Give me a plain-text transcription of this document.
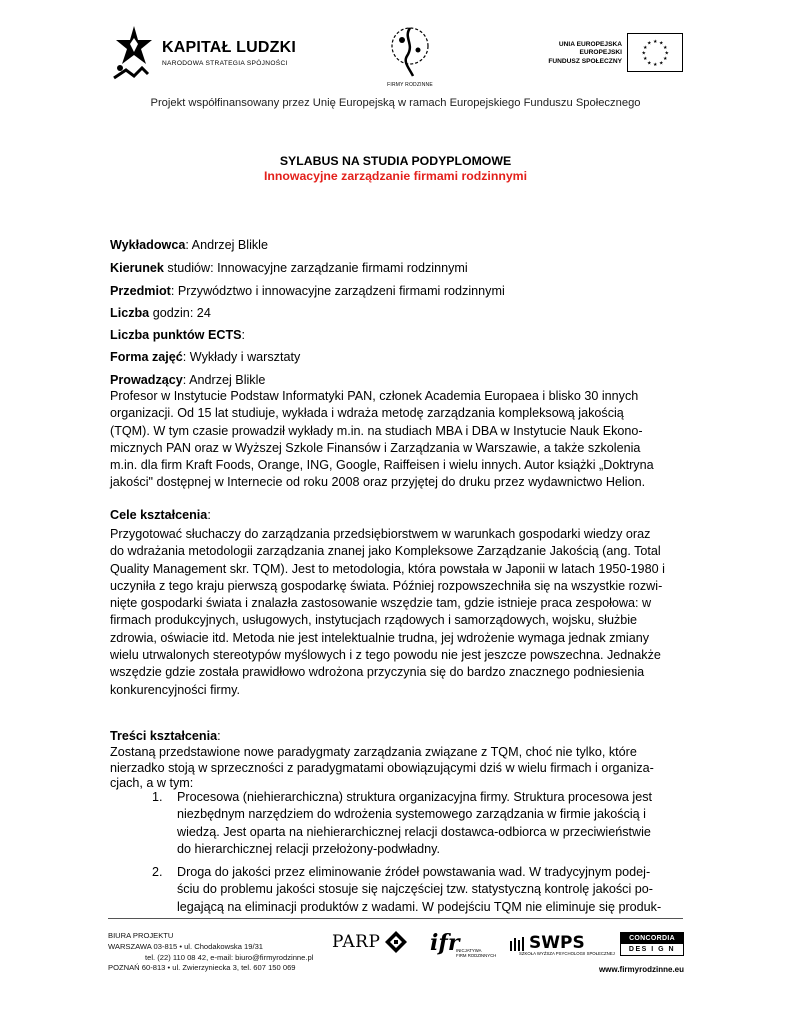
KAPITAŁ LUDZKI
NARODOWA STRATEGIA SPÓJNOŚCI
FIRMY RODZINNE
UNIA EUROPEJSKA
EUROPEJSKI
FUNDUSZ SPOŁECZNY
★ ★
★
★
★
★
★
★
★
★
★
★
Projekt współfinansowany przez Unię Europejską w ramach Europejskiego Funduszu Społecznego
SYLABUS NA STUDIA PODYPLOMOWE
Innowacyjne zarządzanie firmami rodzinnymi
Wykładowca: Andrzej Blikle
Kierunek studiów: Innowacyjne zarządzanie firmami rodzinnymi
Przedmiot: Przywództwo i innowacyjne zarządzeni firmami rodzinnymi
Liczba godzin: 24
Liczba punktów ECTS:
Forma zajęć: Wykłady i warsztaty
Prowadzący: Andrzej Blikle
Profesor w Instytucie Podstaw Informatyki PAN, członek Academia Europaea i blisko 30 innych
organizacji. Od 15 lat studiuje, wykłada i wdraża metodę zarządzania kompleksową jakością
(TQM). W tym czasie prowadził wykłady m.in. na studiach MBA i DBA w Instytucie Nauk Ekono-
micznych PAN oraz w Wyższej Szkole Finansów i Zarządzania w Warszawie, a także szkolenia
m.in. dla firm Kraft Foods, Orange, ING, Google, Raiffeisen i wielu innych. Autor książki „Doktryna
jakości" dostępnej w Internecie od roku 2008 oraz przyjętej do druku przez wydawnictwo Helion.
Cele kształcenia:
Przygotować słuchaczy do zarządzania przedsiębiorstwem w warunkach gospodarki wiedzy oraz
do wdrażania metodologii zarządzania znanej jako Kompleksowe Zarządzanie Jakością (ang. Total
Quality Management skr. TQM). Jest to metodologia, która powstała w Japonii w latach 1950-1980 i
uczyniła z tego kraju pierwszą gospodarkę świata. Później rozpowszechniła się na wszystkie rozwi-
nięte gospodarki świata i znalazła zastosowanie wszędzie tam, gdzie istnieje praca zespołowa: w
firmach produkcyjnych, usługowych, instytucjach rządowych i samorządowych, wojsku, służbie
zdrowia, oświacie itd. Metoda nie jest intelektualnie trudna, jej wdrożenie wymaga jednak zmiany
wielu utrwalonych stereotypów myślowych i z tego powodu nie jest jeszcze powszechna. Jednakże
wszędzie gdzie została prawidłowo wdrożona przyczynia się do bardzo znacznego podniesienia
konkurencyjności firmy.
Treści kształcenia:
Zostaną przedstawione nowe paradygmaty zarządzania związane z TQM, choć nie tylko, które
nierzadko stoją w sprzeczności z paradygmatami obowiązującymi dziś w wielu firmach i organiza-
cjach, a w tym:
1. Procesowa (niehierarchiczna) struktura organizacyjna firmy. Struktura procesowa jest
niezbędnym narzędziem do wdrożenia systemowego zarządzania w firmie jakością i
wiedzą. Jest oparta na niehierarchicznej relacji dostawca-odbiorca w przeciwieństwie
do hierarchicznej relacji przełożony-podwładny.
2. Droga do jakości przez eliminowanie źródeł powstawania wad. W tradycyjnym podej-
ściu do problemu jakości stosuje się najczęściej tzw. statystyczną kontrolę jakości po-
legającą na eliminacji produktów z wadami. W podejściu TQM nie eliminuje się produk-
BIURA PROJEKTU
WARSZAWA 03-815 • ul. Chodakowska 19/31
tel. (22) 110 08 42, e-mail: biuro@firmyrodzinne.pl
POZNAŃ 60-813 • ul. Zwierzyniecka 3, tel. 607 150 069
PARP ifr
INICJATYWA
FIRM RODZINNYCH
SWPS
SZKOŁA WYŻSZA PSYCHOLOGII SPOŁECZNEJ
CONCORDIA
DES I G N
www.firmyrodzinne.eu
